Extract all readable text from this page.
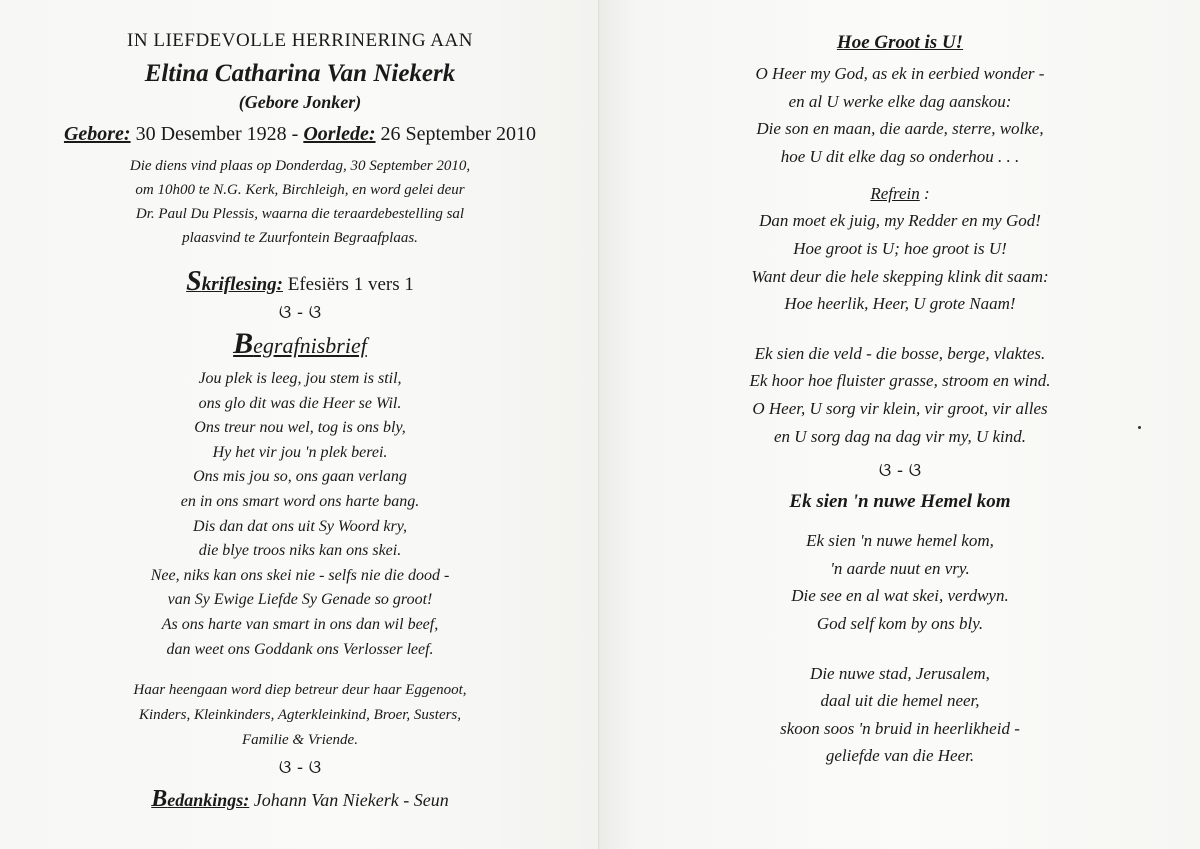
IN LIEFDEVOLLE HERRINERING AAN
Eltina Catharina Van Niekerk
(Gebore Jonker)
Gebore: 30 Desember 1928 - Oorlede: 26 September 2010
Die diens vind plaas op Donderdag, 30 September 2010,
om 10h00 te N.G. Kerk, Birchleigh, en word gelei deur
Dr. Paul Du Plessis, waarna die teraardebestelling sal
plaasvind te Zuurfontein Begraafplaas.
Skriflesing: Efesiërs 1 vers 1
ଓ - ଓ
Begrafnisbrief
Jou plek is leeg, jou stem is stil,
ons glo dit was die Heer se Wil.
Ons treur nou wel, tog is ons bly,
Hy het vir jou 'n plek berei.
Ons mis jou so, ons gaan verlang
en in ons smart word ons harte bang.
Dis dan dat ons uit Sy Woord kry,
die blye troos niks kan ons skei.
Nee, niks kan ons skei nie - selfs nie die dood -
van Sy Ewige Liefde Sy Genade so groot!
As ons harte van smart in ons dan wil beef,
dan weet ons Goddank ons Verlosser leef.
Haar heengaan word diep betreur deur haar Eggenoot,
Kinders, Kleinkinders, Agterkleinkind, Broer, Susters,
Familie & Vriende.
ଓ - ଓ
Bedankings: Johann Van Niekerk - Seun
Hoe Groot is U!
O Heer my God, as ek in eerbied wonder -
en al U werke elke dag aanskou:
Die son en maan, die aarde, sterre, wolke,
hoe U dit elke dag so onderhou . . .
Refrein :
Dan moet ek juig, my Redder en my God!
Hoe groot is U; hoe groot is U!
Want deur die hele skepping klink dit saam:
Hoe heerlik, Heer, U grote Naam!
Ek sien die veld - die bosse, berge, vlaktes.
Ek hoor hoe fluister grasse, stroom en wind.
O Heer, U sorg vir klein, vir groot, vir alles
en U sorg dag na dag vir my, U kind.
ଓ - ଓ
Ek sien 'n nuwe Hemel kom
Ek sien 'n nuwe hemel kom,
'n aarde nuut en vry.
Die see en al wat skei, verdwyn.
God self kom by ons bly.
Die nuwe stad, Jerusalem,
daal uit die hemel neer,
skoon soos 'n bruid in heerlikheid -
geliefde van die Heer.
